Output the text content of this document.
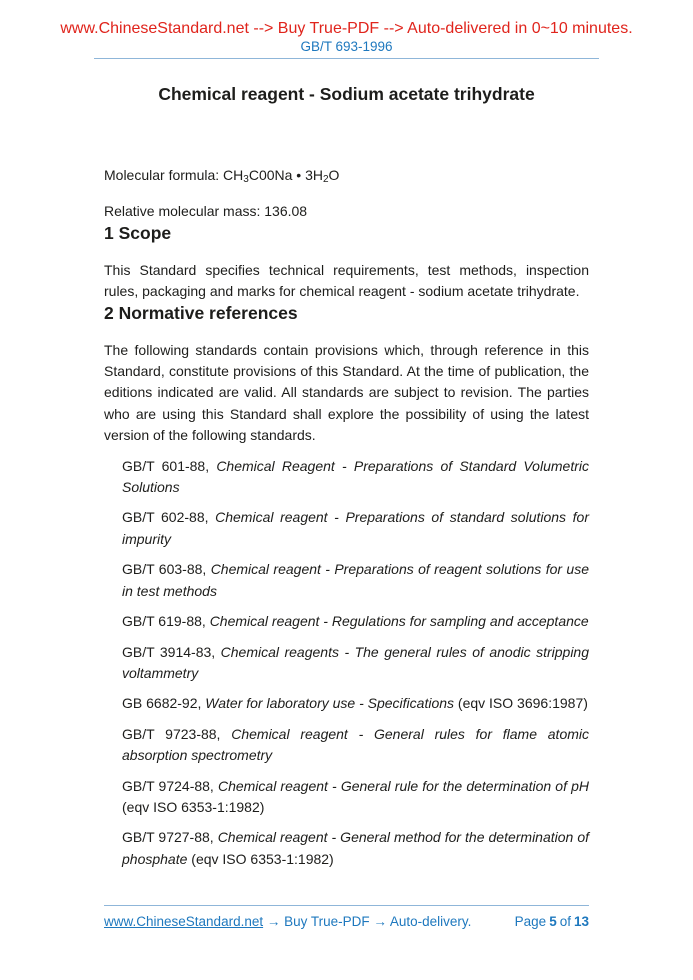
www.ChineseStandard.net --> Buy True-PDF --> Auto-delivered in 0~10 minutes.
GB/T 693-1996
Chemical reagent - Sodium acetate trihydrate

Molecular formula: $CH_3C00Na$ • $3H_2O$

Relative molecular mass: 136.08

1 Scope

This Standard specifies technical requirements, test methods, inspection rules, packaging and marks for chemical reagent - sodium acetate trihydrate.

2 Normative references

The following standards contain provisions which, through reference in this Standard, constitute provisions of this Standard. At the time of publication, the editions indicated are valid. All standards are subject to revision. The parties who are using this Standard shall explore the possibility of using the latest version of the following standards.

GB/T 601-88, Chemical Reagent - Preparations of Standard Volumetric Solutions

GB/T 602-88, Chemical reagent - Preparations of standard solutions for impurity

GB/T 603-88, Chemical reagent - Preparations of reagent solutions for use in test methods

GB/T 619-88, Chemical reagent - Regulations for sampling and acceptance

GB/T 3914-83, Chemical reagents - The general rules of anodic stripping voltammetry

GB 6682-92, Water for laboratory use - Specifications (eqv ISO 3696:1987)

GB/T 9723-88, Chemical reagent - General rules for flame atomic absorption spectrometry

GB/T 9724-88, Chemical reagent - General rule for the determination of pH (eqv ISO 6353-1:1982)

GB/T 9727-88, Chemical reagent - General method for the determination of phosphate (eqv ISO 6353-1:1982)

www.ChineseStandard.net → Buy True-PDF → Auto-delivery.	Page 5 of 13
